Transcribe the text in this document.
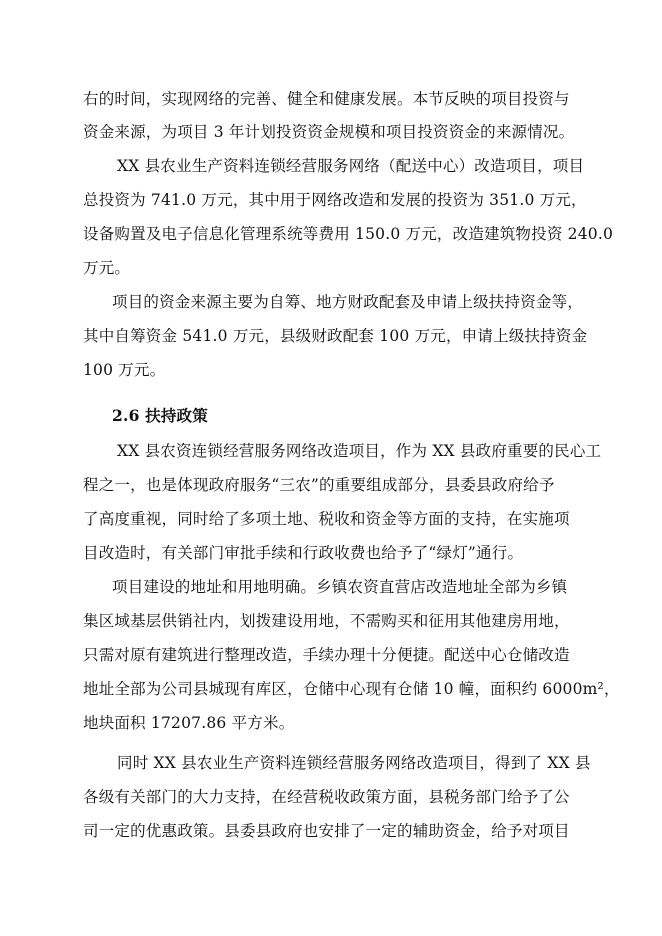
右的时间，实现网络的完善、健全和健康发展。本节反映的项目投资与
资金来源，为项目 3 年计划投资资金规模和项目投资资金的来源情况。
XX 县农业生产资料连锁经营服务网络（配送中心）改造项目，项目
总投资为 741.0 万元，其中用于网络改造和发展的投资为 351.0 万元，
设备购置及电子信息化管理系统等费用 150.0 万元，改造建筑物投资 240.0
万元。
项目的资金来源主要为自筹、地方财政配套及申请上级扶持资金等，
其中自筹资金 541.0 万元，县级财政配套 100 万元，申请上级扶持资金
100 万元。
2.6 扶持政策
XX 县农资连锁经营服务网络改造项目，作为 XX 县政府重要的民心工
程之一，也是体现政府服务“三农”的重要组成部分，县委县政府给予
了高度重视，同时给了多项土地、税收和资金等方面的支持，在实施项
目改造时，有关部门审批手续和行政收费也给予了“绿灯”通行。
项目建设的地址和用地明确。乡镇农资直营店改造地址全部为乡镇
集区域基层供销社内，划拨建设用地，不需购买和征用其他建房用地，
只需对原有建筑进行整理改造，手续办理十分便捷。配送中心仓储改造
地址全部为公司县城现有库区，仓储中心现有仓储 10 幢，面积约 6000m²，
地块面积 17207.86 平方米。
同时 XX 县农业生产资料连锁经营服务网络改造项目，得到了 XX 县
各级有关部门的大力支持，在经营税收政策方面，县税务部门给予了公
司一定的优惠政策。县委县政府也安排了一定的辅助资金，给予对项目
